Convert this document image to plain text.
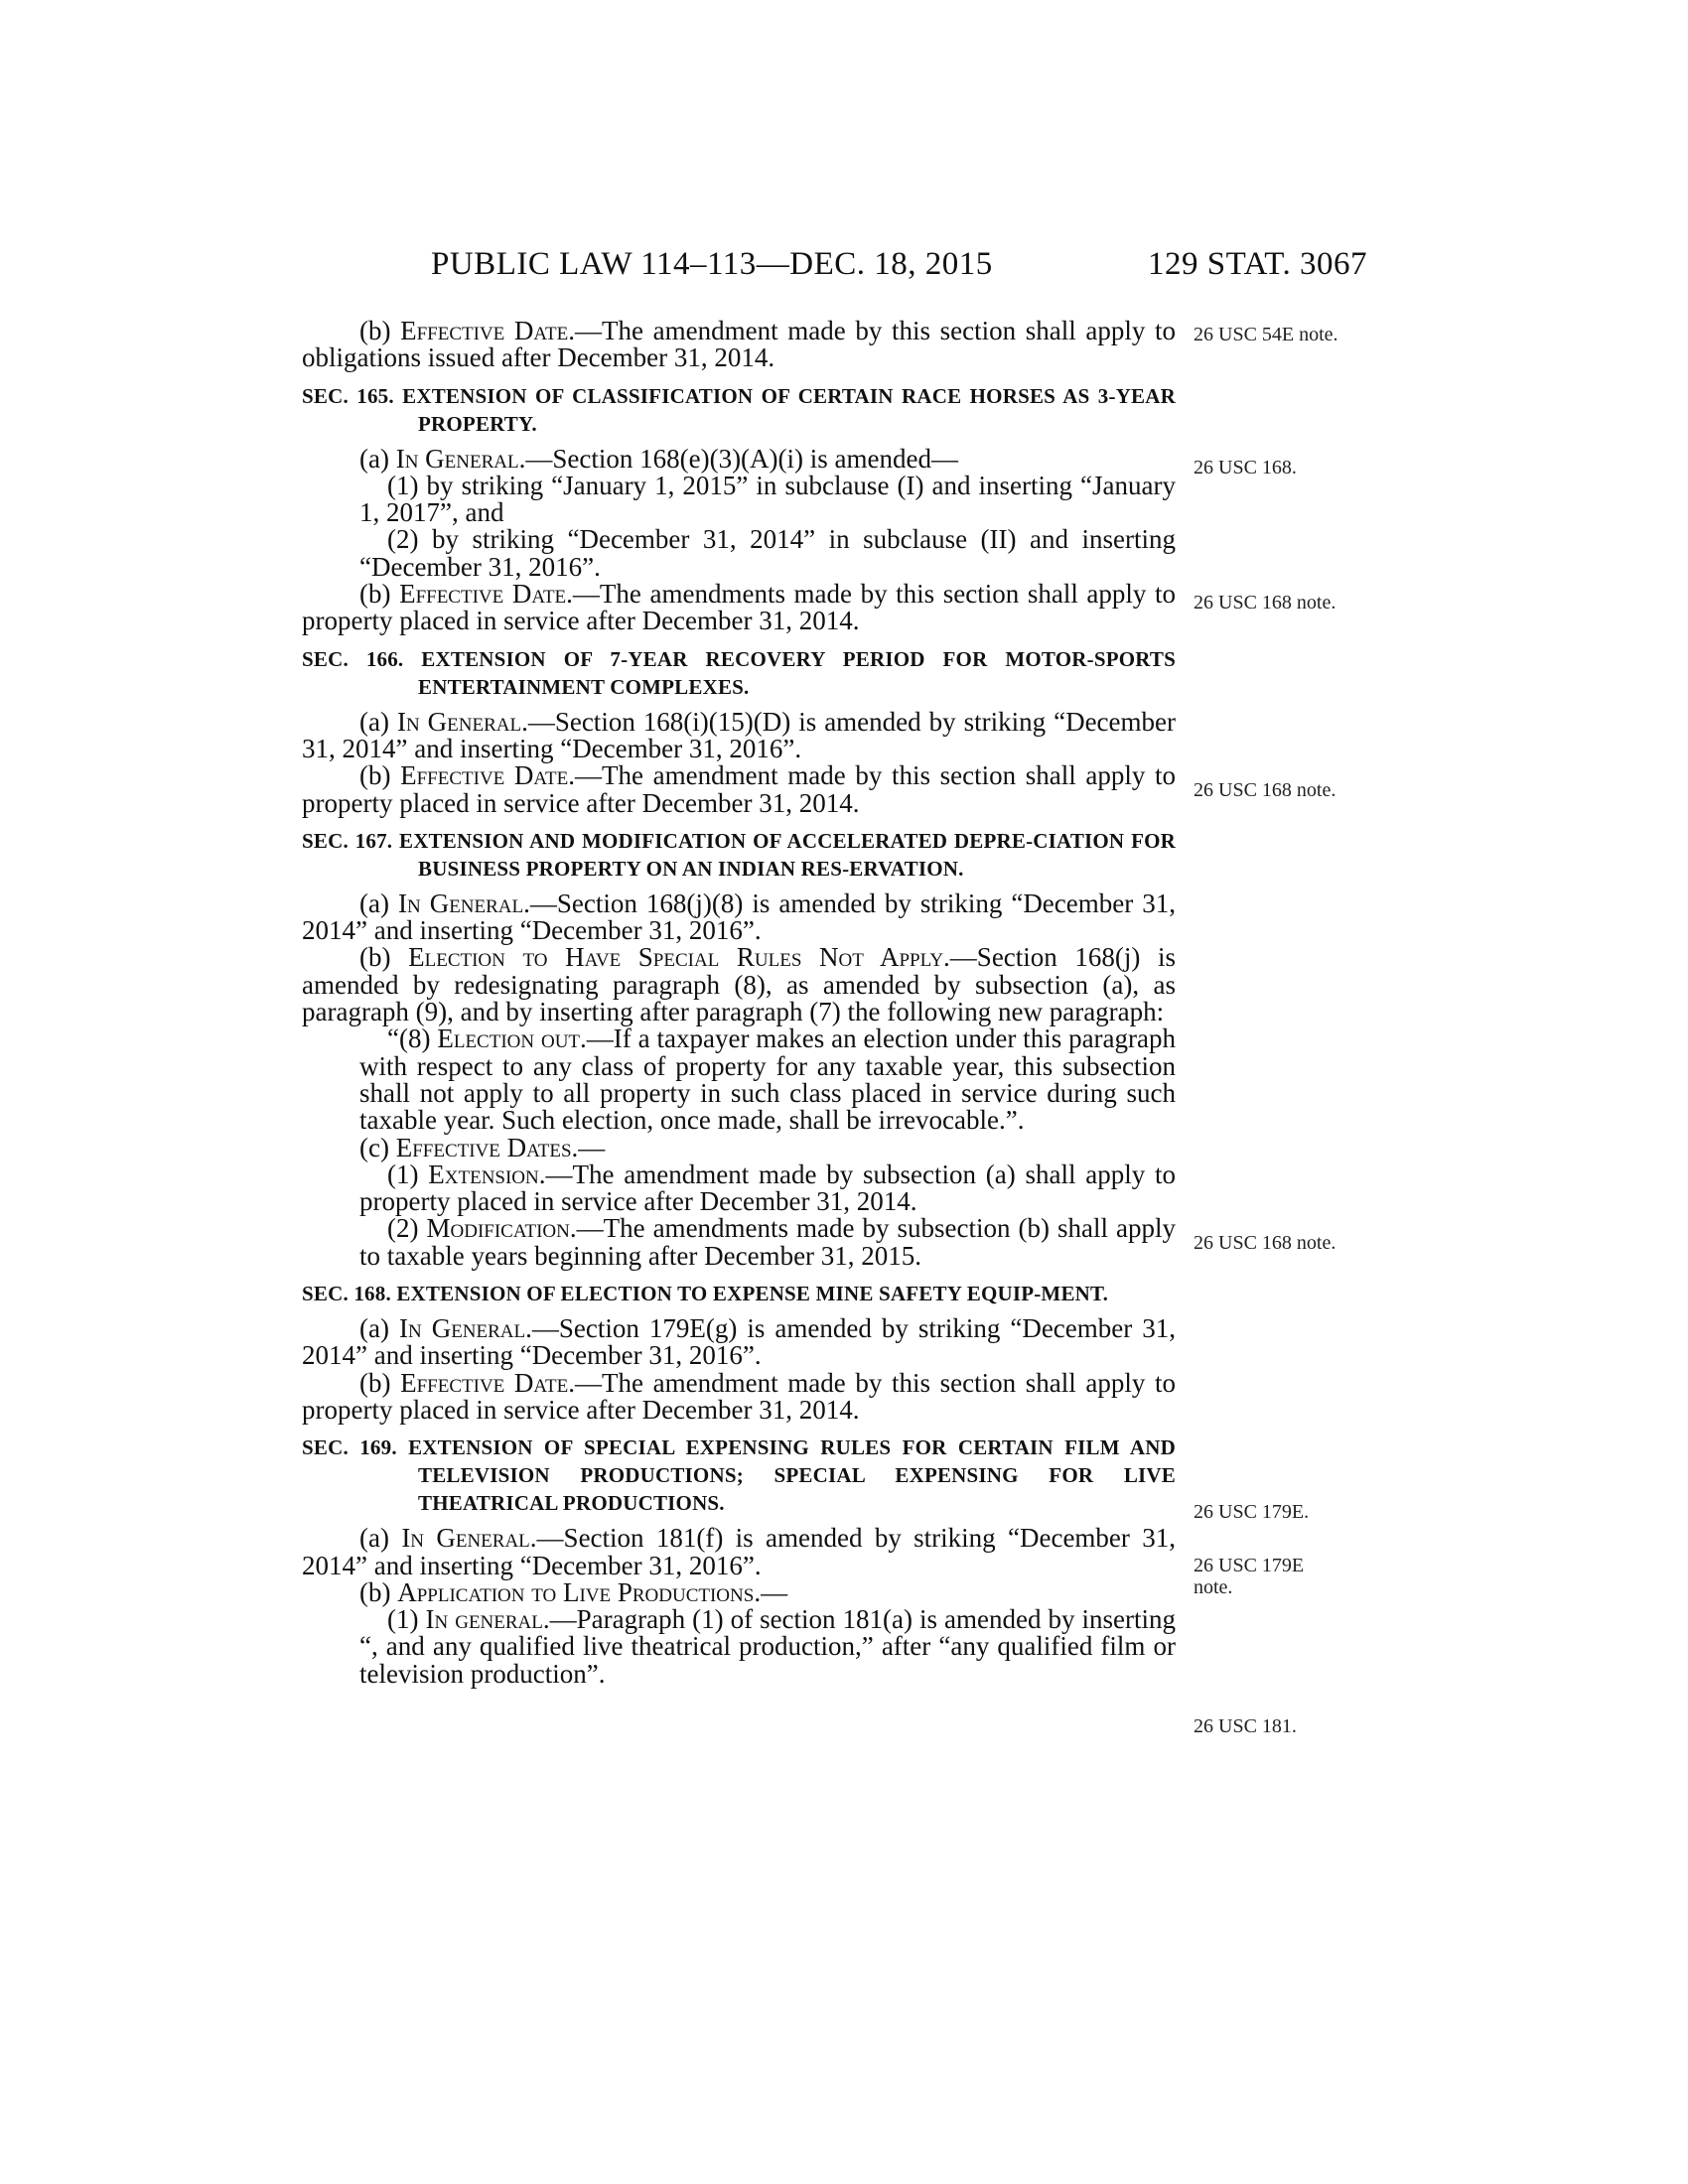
PUBLIC LAW 114–113—DEC. 18, 2015	129 STAT. 3067

(b) Effective Date.—The amendment made by this section shall apply to obligations issued after December 31, 2014.

SEC. 165. EXTENSION OF CLASSIFICATION OF CERTAIN RACE HORSES AS 3-YEAR PROPERTY.

(a) In General.—Section 168(e)(3)(A)(i) is amended—

(1) by striking “January 1, 2015” in subclause (I) and inserting “January 1, 2017”, and

(2) by striking “December 31, 2014” in subclause (II) and inserting “December 31, 2016”.

(b) Effective Date.—The amendments made by this section shall apply to property placed in service after December 31, 2014.

SEC. 166. EXTENSION OF 7-YEAR RECOVERY PERIOD FOR MOTOR-SPORTS ENTERTAINMENT COMPLEXES.

(a) In General.—Section 168(i)(15)(D) is amended by striking “December 31, 2014” and inserting “December 31, 2016”.

(b) Effective Date.—The amendment made by this section shall apply to property placed in service after December 31, 2014.

SEC. 167. EXTENSION AND MODIFICATION OF ACCELERATED DEPRE-CIATION FOR BUSINESS PROPERTY ON AN INDIAN RES-ERVATION.

(a) In General.—Section 168(j)(8) is amended by striking “December 31, 2014” and inserting “December 31, 2016”.

(b) Election to Have Special Rules Not Apply.—Section 168(j) is amended by redesignating paragraph (8), as amended by subsection (a), as paragraph (9), and by inserting after paragraph (7) the following new paragraph:

“(8) Election out.—If a taxpayer makes an election under this paragraph with respect to any class of property for any taxable year, this subsection shall not apply to all property in such class placed in service during such taxable year. Such election, once made, shall be irrevocable.”.

(c) Effective Dates.—

(1) Extension.—The amendment made by subsection (a) shall apply to property placed in service after December 31, 2014.

(2) Modification.—The amendments made by subsection (b) shall apply to taxable years beginning after December 31, 2015.

SEC. 168. EXTENSION OF ELECTION TO EXPENSE MINE SAFETY EQUIP-MENT.

(a) In General.—Section 179E(g) is amended by striking “December 31, 2014” and inserting “December 31, 2016”.

(b) Effective Date.—The amendment made by this section shall apply to property placed in service after December 31, 2014.

SEC. 169. EXTENSION OF SPECIAL EXPENSING RULES FOR CERTAIN FILM AND TELEVISION PRODUCTIONS; SPECIAL EXPENSING FOR LIVE THEATRICAL PRODUCTIONS.

(a) In General.—Section 181(f) is amended by striking “December 31, 2014” and inserting “December 31, 2016”.

(b) Application to Live Productions.—

(1) In general.—Paragraph (1) of section 181(a) is amended by inserting “, and any qualified live theatrical production,” after “any qualified film or television production”.

26 USC 54E note.
26 USC 168.
26 USC 168 note.
26 USC 168 note.
26 USC 168 note.
26 USC 179E.
26 USC 179E note.
26 USC 181.
